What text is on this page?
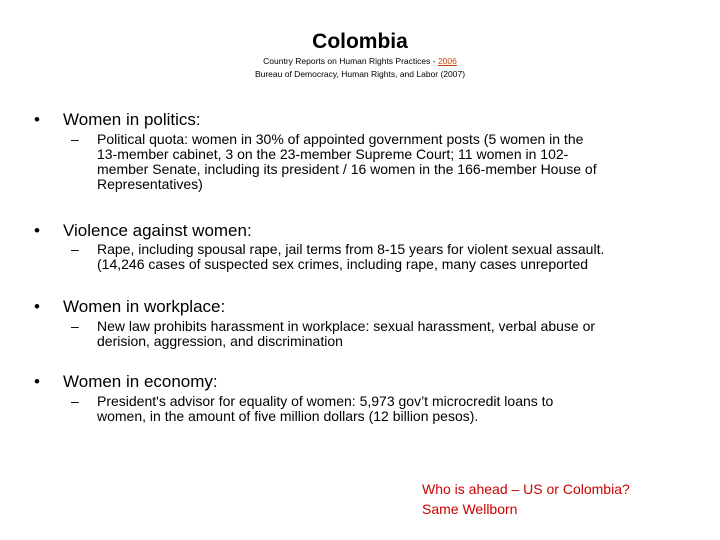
Colombia
Country Reports on Human Rights Practices - 2006
Bureau of Democracy, Human Rights, and Labor (2007)
• Women in politics:
– Political quota: women in 30% of appointed government posts (5 women in the
13-member cabinet, 3 on the 23-member Supreme Court; 11 women in 102-
member Senate, including its president / 16 women in the 166-member House of
Representatives)
• Violence against women:
– Rape, including spousal rape, jail terms from 8-15 years for violent sexual assault.
(14,246 cases of suspected sex crimes, including rape, many cases unreported
• Women in workplace:
– New law prohibits harassment in workplace: sexual harassment, verbal abuse or
derision, aggression, and discrimination
• Women in economy:
– President's advisor for equality of women: 5,973 gov’t microcredit loans to
women, in the amount of five million dollars (12 billion pesos).
Who is ahead – US or Colombia?
Same Wellborn
